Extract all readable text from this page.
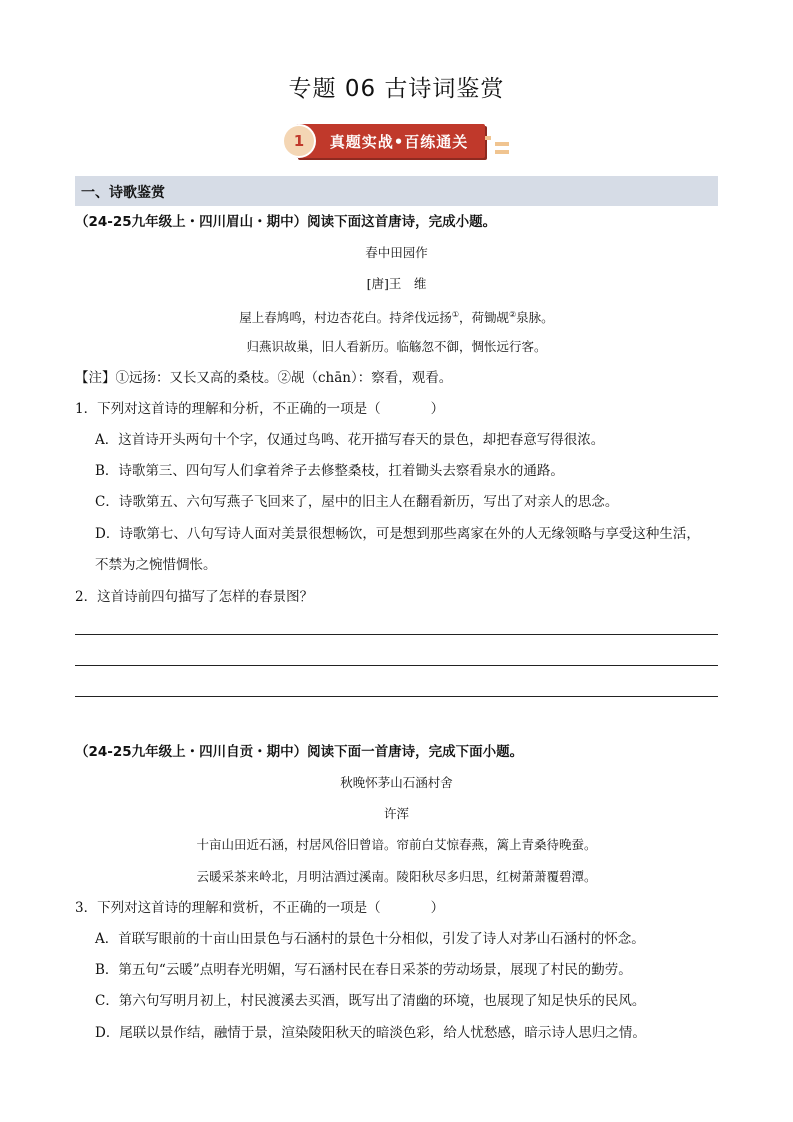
专题 06 古诗词鉴赏
真题实战•百练通关
1
一、诗歌鉴赏
（24-25九年级上・四川眉山・期中）阅读下面这首唐诗，完成小题。
春中田园作
[唐]王　维
屋上春鸠鸣，村边杏花白。持斧伐远扬①，荷锄觇②泉脉。
归燕识故巢，旧人看新历。临觞忽不御，惆怅远行客。
【注】①远扬：又长又高的桑枝。②觇（chān）：察看，观看。
1．下列对这首诗的理解和分析，不正确的一项是（	）
A．这首诗开头两句十个字，仅通过鸟鸣、花开描写春天的景色，却把春意写得很浓。
B．诗歌第三、四句写人们拿着斧子去修整桑枝，扛着锄头去察看泉水的通路。
C．诗歌第五、六句写燕子飞回来了，屋中的旧主人在翻看新历，写出了对亲人的思念。
D．诗歌第七、八句写诗人面对美景很想畅饮，可是想到那些离家在外的人无缘领略与享受这种生活，
不禁为之惋惜惆怅。
2．这首诗前四句描写了怎样的春景图？
（24-25九年级上・四川自贡・期中）阅读下面一首唐诗，完成下面小题。
秋晚怀茅山石涵村舍
许浑
十亩山田近石涵，村居风俗旧曾谙。帘前白艾惊春燕，篱上青桑待晚蚕。
云暖采茶来岭北，月明沽酒过溪南。陵阳秋尽多归思，红树萧萧覆碧潭。
3．下列对这首诗的理解和赏析，不正确的一项是（	）
A．首联写眼前的十亩山田景色与石涵村的景色十分相似，引发了诗人对茅山石涵村的怀念。
B．第五句“云暖”点明春光明媚，写石涵村民在春日采茶的劳动场景，展现了村民的勤劳。
C．第六句写明月初上，村民渡溪去买酒，既写出了清幽的环境，也展现了知足快乐的民风。
D．尾联以景作结，融情于景，渲染陵阳秋天的暗淡色彩，给人忧愁感，暗示诗人思归之情。
